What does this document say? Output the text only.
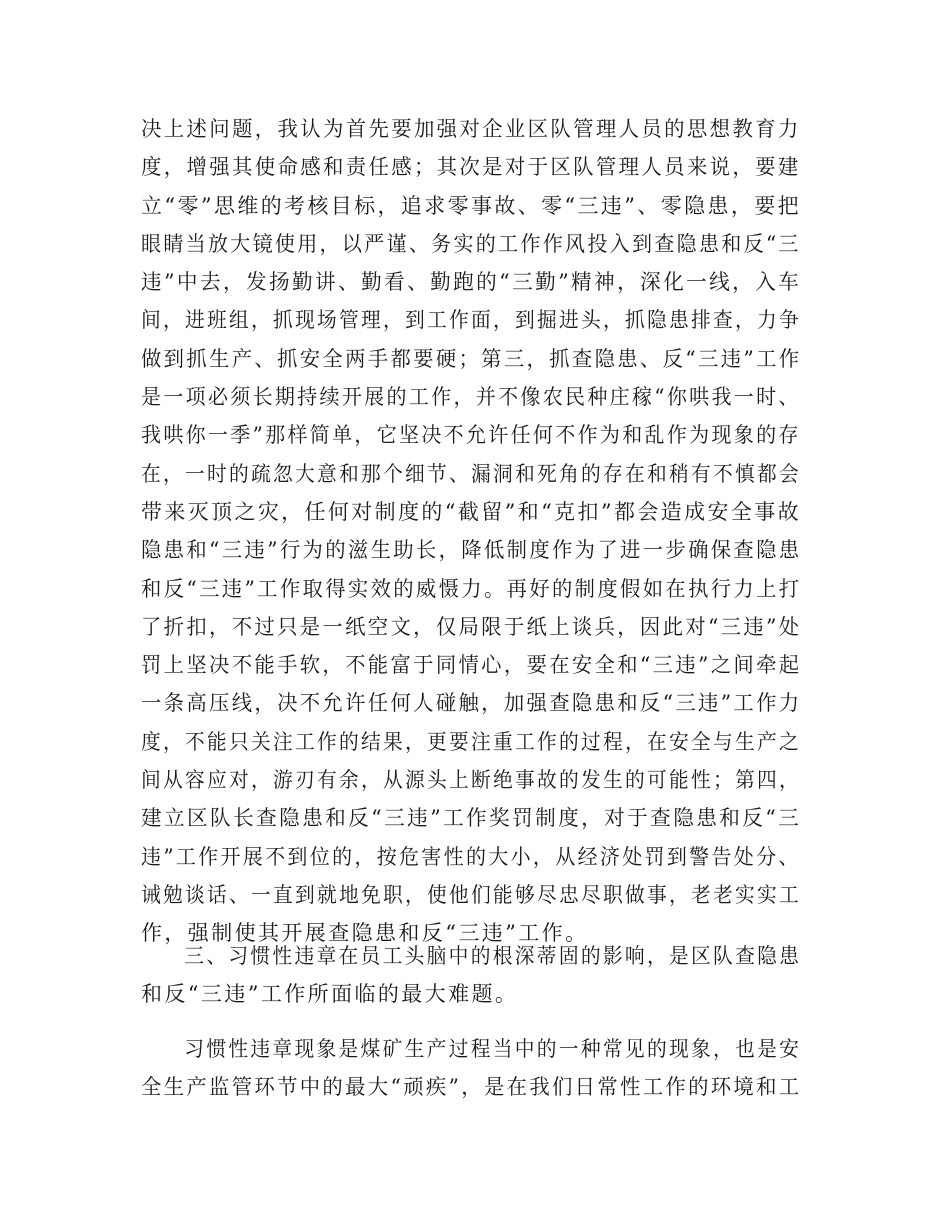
决上述问题，我认为首先要加强对企业区队管理人员的思想教育力
度，增强其使命感和责任感；其次是对于区队管理人员来说，要建
立“零”思维的考核目标，追求零事故、零“三违”、零隐患，要把
眼睛当放大镜使用，以严谨、务实的工作作风投入到查隐患和反“三
违”中去，发扬勤讲、勤看、勤跑的“三勤”精神，深化一线，入车
间，进班组，抓现场管理，到工作面，到掘进头，抓隐患排查，力争
做到抓生产、抓安全两手都要硬；第三，抓查隐患、反“三违”工作
是一项必须长期持续开展的工作，并不像农民种庄稼“你哄我一时、
我哄你一季”那样简单，它坚决不允许任何不作为和乱作为现象的存
在，一时的疏忽大意和那个细节、漏洞和死角的存在和稍有不慎都会
带来灭顶之灾，任何对制度的“截留”和“克扣”都会造成安全事故
隐患和“三违”行为的滋生助长，降低制度作为了进一步确保查隐患
和反“三违”工作取得实效的威慑力。再好的制度假如在执行力上打
了折扣，不过只是一纸空文，仅局限于纸上谈兵，因此对“三违”处
罚上坚决不能手软，不能富于同情心，要在安全和“三违”之间牵起
一条高压线，决不允许任何人碰触，加强查隐患和反“三违”工作力
度，不能只关注工作的结果，更要注重工作的过程，在安全与生产之
间从容应对，游刃有余，从源头上断绝事故的发生的可能性；第四，
建立区队长查隐患和反“三违”工作奖罚制度，对于查隐患和反“三
违”工作开展不到位的，按危害性的大小，从经济处罚到警告处分、
诫勉谈话、一直到就地免职，使他们能够尽忠尽职做事，老老实实工
作，强制使其开展查隐患和反“三违”工作。
三、习惯性违章在员工头脑中的根深蒂固的影响，是区队查隐患
和反“三违”工作所面临的最大难题。
习惯性违章现象是煤矿生产过程当中的一种常见的现象，也是安
全生产监管环节中的最大“顽疾”，是在我们日常性工作的环境和工
